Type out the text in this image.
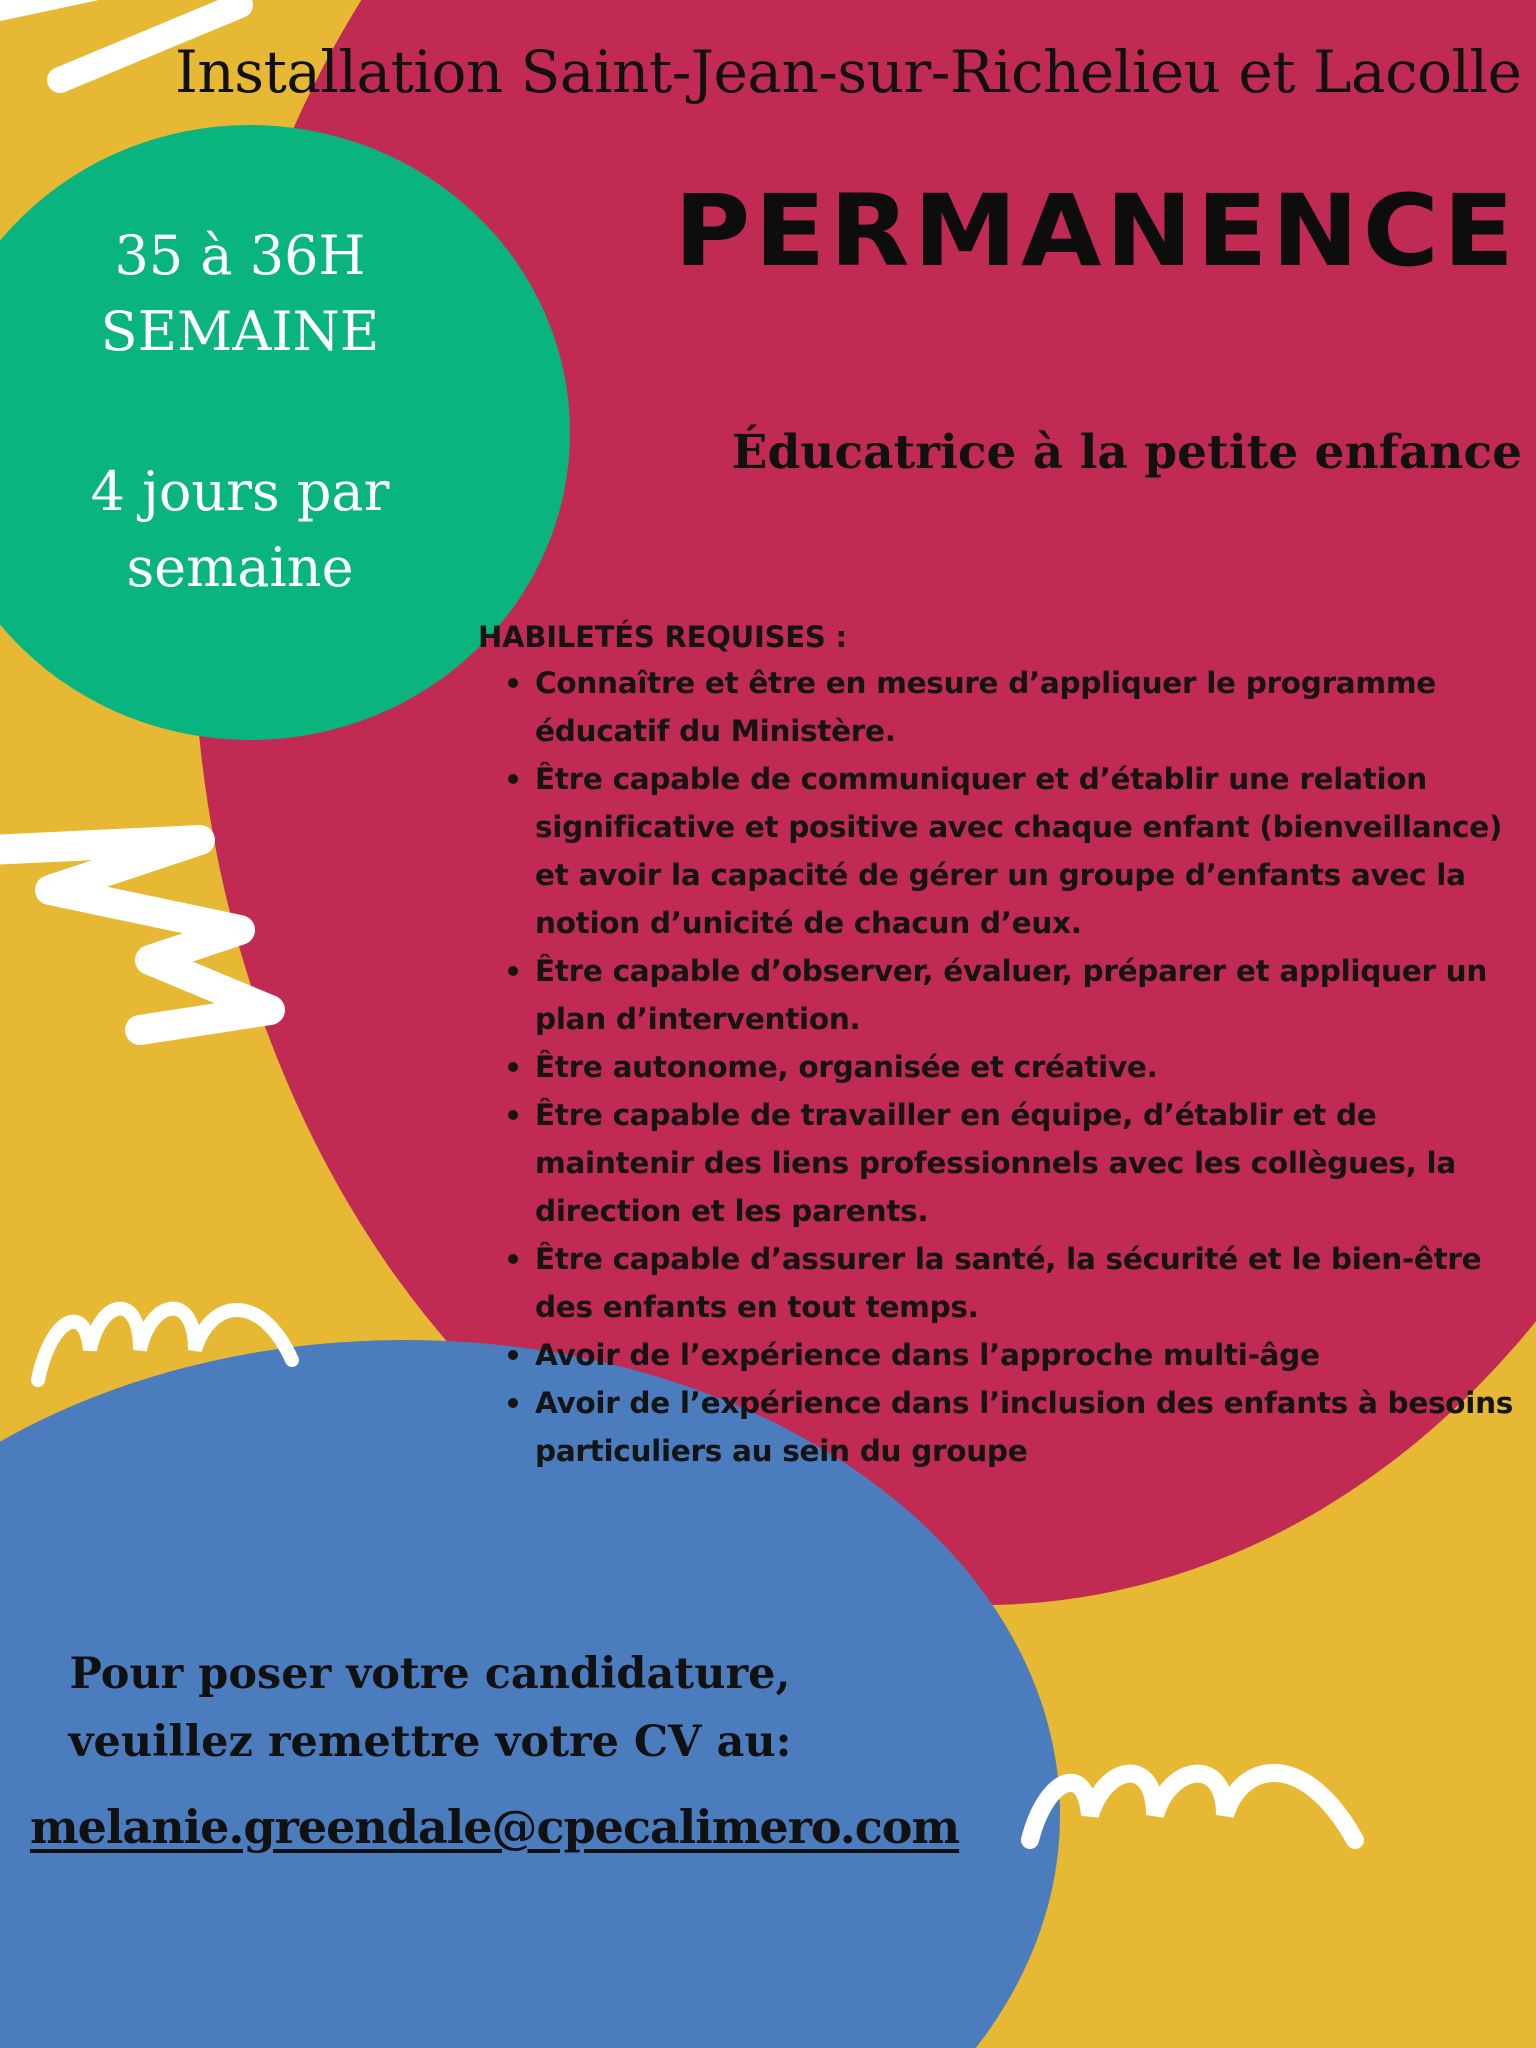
Installation Saint-Jean-sur-Richelieu et Lacolle
PERMANENCE
Éducatrice à la petite enfance
35 à 36H
SEMAINE
4 jours par
semaine
HABILETÉS REQUISES :
Connaître et être en mesure d’appliquer le programme éducatif du Ministère.
Être capable de communiquer et d’établir une relation significative et positive avec chaque enfant (bienveillance) et avoir la capacité de gérer un groupe d’enfants avec la notion d’unicité de chacun d’eux.
Être capable d’observer, évaluer, préparer et appliquer un plan d’intervention.
Être autonome, organisée et créative.
Être capable de travailler en équipe, d’établir et de maintenir des liens professionnels avec les collègues, la direction et les parents.
Être capable d’assurer la santé, la sécurité et le bien-être des enfants en tout temps.
Avoir de l’expérience dans l’approche multi-âge
Avoir de l’expérience dans l’inclusion des enfants à besoins particuliers au sein du groupe
Pour poser votre candidature,
veuillez remettre votre CV au:
melanie.greendale@cpecalimero.com
